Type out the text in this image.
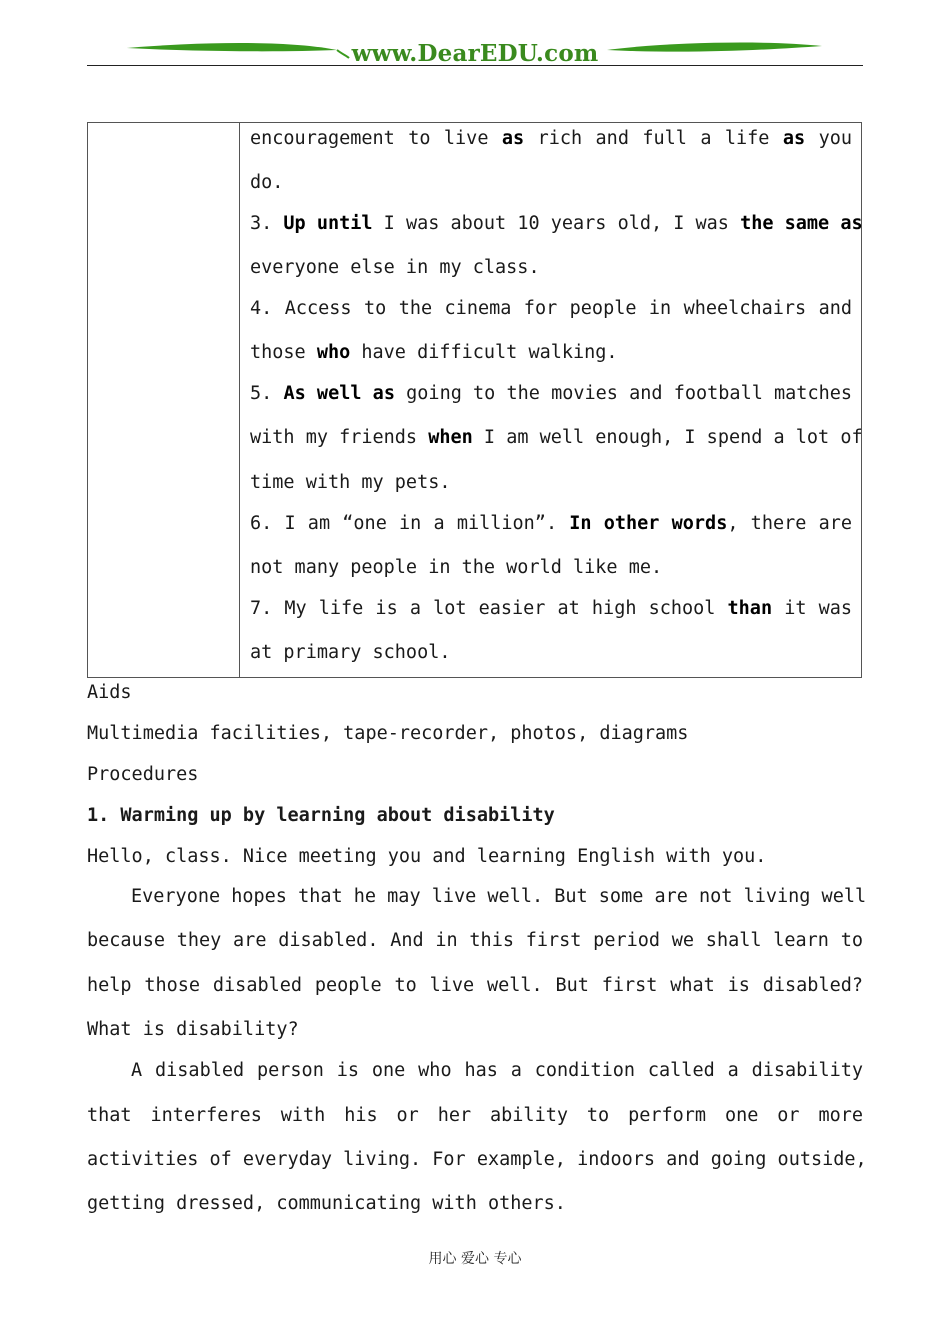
www.DearEDU.com
encouragement to live as rich and full a life as you
do.
3. Up until I was about 10 years old, I was the same as
everyone else in my class.
4. Access to the cinema for people in wheelchairs and
those who have difficult walking.
5. As well as going to the movies and football matches
with my friends when I am well enough, I spend a lot of
time with my pets.
6. I am “one in a million”. In other words, there are
not many people in the world like me.
7. My life is a lot easier at high school than it was
at primary school.
Aids
Multimedia facilities, tape-recorder, photos, diagrams
Procedures
1. Warming up by learning about disability
Hello, class. Nice meeting you and learning English with you.
Everyone hopes that he may live well. But some are not living well
because they are disabled. And in this first period we shall learn to
help those disabled people to live well. But first what is disabled?
What is disability?
A disabled person is one who has a condition called a disability
that interferes with his or her ability to perform one or more
activities of everyday living. For example, indoors and going outside,
getting dressed, communicating with others.
用心 爱心 专心
